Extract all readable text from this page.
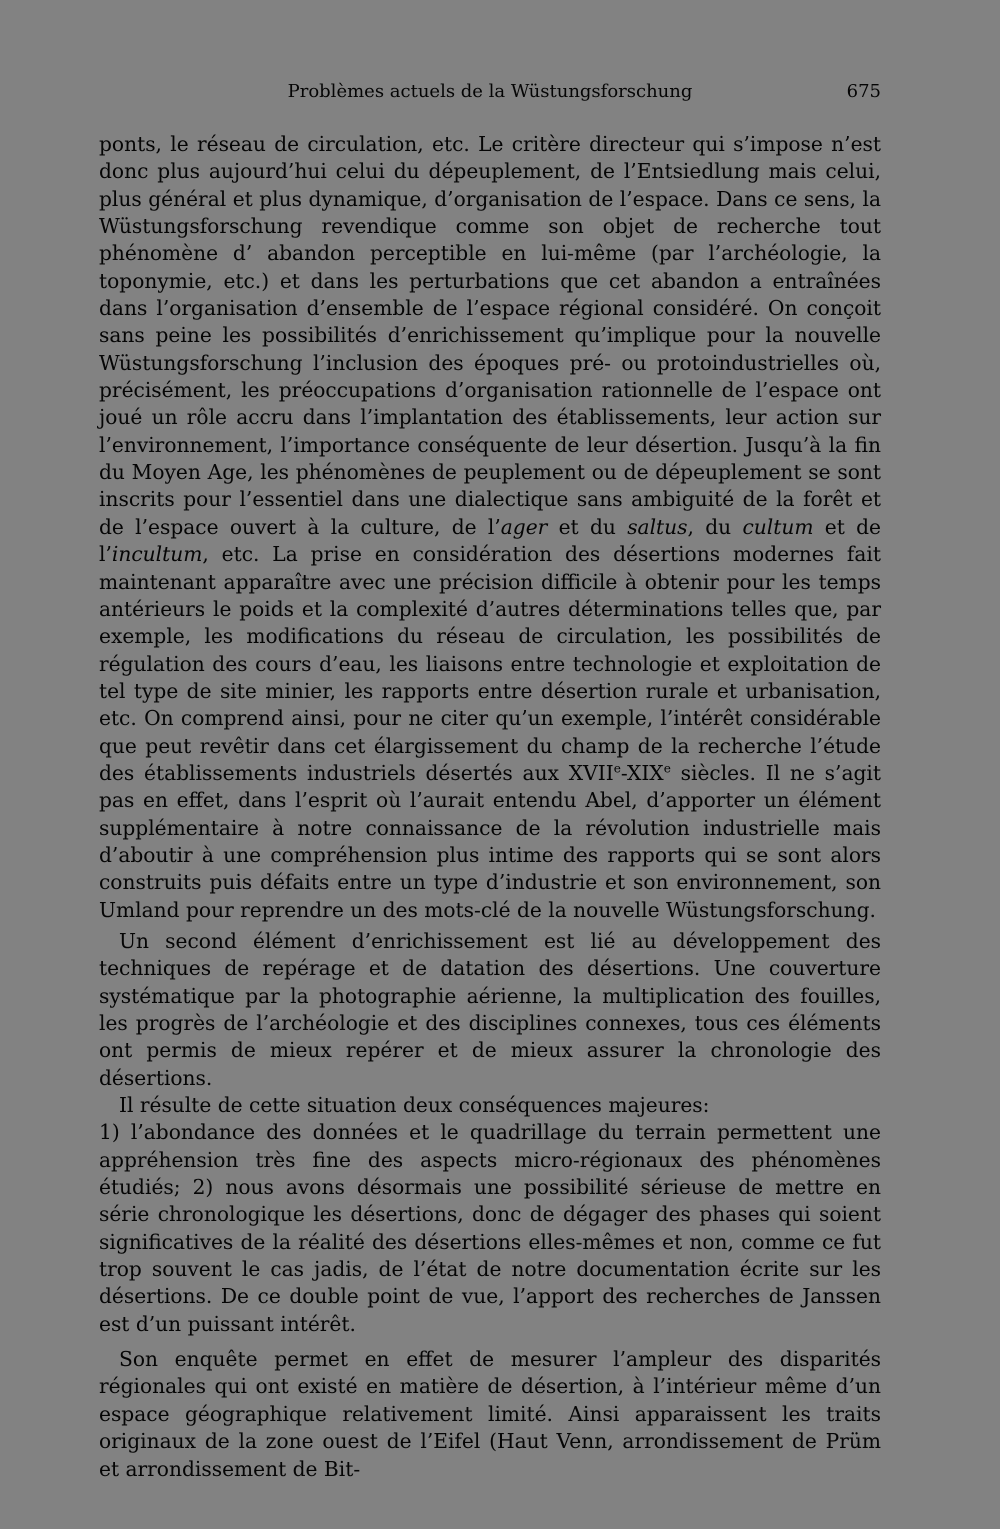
Problèmes actuels de la Wüstungsforschung	675

ponts, le réseau de circulation, etc. Le critère directeur qui s’impose n’est donc plus aujourd’hui celui du dépeuplement, de l’Entsiedlung mais celui, plus général et plus dynamique, d’organisation de l’espace. Dans ce sens, la Wüstungsforschung revendique comme son objet de recherche tout phénomène d’ abandon perceptible en lui-même (par l’archéologie, la toponymie, etc.) et dans les perturbations que cet abandon a entraînées dans l’organisation d’ensemble de l’espace régional considéré. On conçoit sans peine les possibilités d’enrichissement qu’implique pour la nouvelle Wüstungsforschung l’inclusion des époques pré- ou protoindustrielles où, précisément, les préoccupations d’organisation rationnelle de l’espace ont joué un rôle accru dans l’implantation des établissements, leur action sur l’environnement, l’importance conséquente de leur désertion. Jusqu’à la fin du Moyen Age, les phénomènes de peuplement ou de dépeuplement se sont inscrits pour l’essentiel dans une dialectique sans ambiguité de la forêt et de l’espace ouvert à la culture, de l’ager et du saltus, du cultum et de l’incultum, etc. La prise en considération des désertions modernes fait maintenant apparaître avec une précision difficile à obtenir pour les temps antérieurs le poids et la complexité d’autres déterminations telles que, par exemple, les modifications du réseau de circulation, les possibilités de régulation des cours d’eau, les liaisons entre technologie et exploitation de tel type de site minier, les rapports entre désertion rurale et urbanisation, etc. On comprend ainsi, pour ne citer qu’un exemple, l’intérêt considérable que peut revêtir dans cet élargissement du champ de la recherche l’étude des établissements industriels désertés aux XVIIe-XIXe siècles. Il ne s’agit pas en effet, dans l’esprit où l’aurait entendu Abel, d’apporter un élément supplémentaire à notre connaissance de la révolution industrielle mais d’aboutir à une compréhension plus intime des rapports qui se sont alors construits puis défaits entre un type d’industrie et son environnement, son Umland pour reprendre un des mots-clé de la nouvelle Wüstungsforschung.

Un second élément d’enrichissement est lié au développement des techniques de repérage et de datation des désertions. Une couverture systématique par la photographie aérienne, la multiplication des fouilles, les progrès de l’archéologie et des disciplines connexes, tous ces éléments ont permis de mieux repérer et de mieux assurer la chronologie des désertions.

Il résulte de cette situation deux conséquences majeures:

1) l’abondance des données et le quadrillage du terrain permettent une appréhension très fine des aspects micro-régionaux des phénomènes étudiés; 2) nous avons désormais une possibilité sérieuse de mettre en série chronologique les désertions, donc de dégager des phases qui soient significatives de la réalité des désertions elles-mêmes et non, comme ce fut trop souvent le cas jadis, de l’état de notre documentation écrite sur les désertions. De ce double point de vue, l’apport des recherches de Janssen est d’un puissant intérêt.

Son enquête permet en effet de mesurer l’ampleur des disparités régionales qui ont existé en matière de désertion, à l’intérieur même d’un espace géographique relativement limité. Ainsi apparaissent les traits originaux de la zone ouest de l’Eifel (Haut Venn, arrondissement de Prüm et arrondissement de Bit-
